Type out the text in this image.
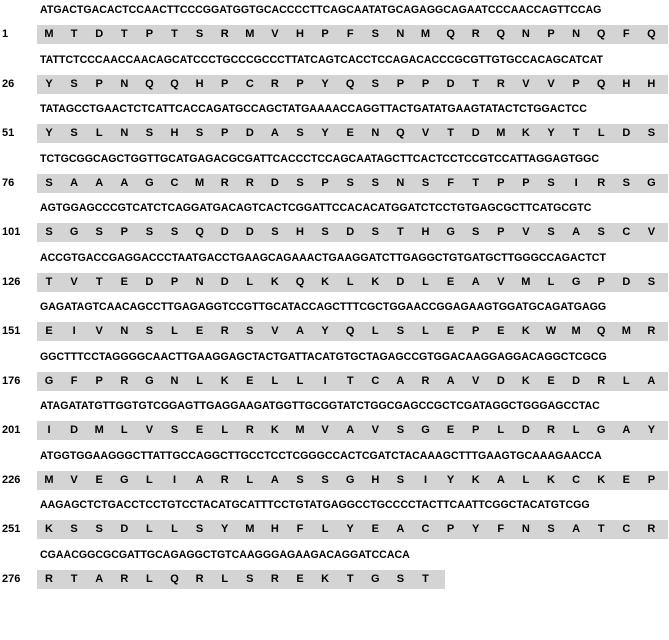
ATGACTGACACTCCAACTTCCCGGATGGTGCACCCCTTCAGCAATATGCAGAGGCAGAATCCCAACCAGTTCCAG
1	M T D T P T S R M V H P F S N M Q R Q N P N Q F Q
TATTCTCCCAACCAACAGCATCCCTGCCCGCCCTTATCAGTCACCTCCAGACACCCGCGTTGTGCCACAGCATCAT
26	Y S P N Q Q H P C R P Y Q S P P D T R V V P Q H H
TATAGCCTGAACTCTCATTCACCAGATGCCAGCTATGAAAACCAGGTTACTGATATGAAGTATACTCTGGACTCC
51	Y S L N S H S P D A S Y E N Q V T D M K Y T L D S
TCTGCGGCAGCTGGTTGCATGAGACGCGATTCACCCTCCAGCAATAGCTTCACTCCTCCGTCCATTAGGAGTGGC
76	S A A A G C M R R D S P S S N S F T P P S	I	R S G
AGTGGAGCCCGTCATCTCAGGATGACAGTCACTCGGATTCCACACATGGATCTCCTGTGAGCGCTTCATGCGTC
101 S G S P S S Q D D S H S D S T H G S P V S A S C V
ACCGTGACCGAGGACCCTAATGACCTGAAGCAGAAACTGAAGGATCTTGAGGCTGTGATGCTTGGGCCAGACTCT
126 T V T E D P N D L K Q K L K D L E A V M L G P D S
GAGATAGTCAACAGCCTTGAGAGGTCCGTTGCATACCAGCTTTCGCTGGAACCGGAGAAGTGGATGCAGATGAGG
151 E	I	V N S L E R S V A Y Q L S L E P E K W M Q M R
GGCTTTCCTAGGGGCAACTTGAAGGAGCTACTGATTACATGTGCTAGAGCCGTGGACAAGGAGGACAGGCTCGCG
176 G F P R G N L K E L L	I	T C A R A V D K E D R L A
ATAGATATGTTGGTGTCGGAGTTGAGGAAGATGGTTGCGGTATCTGGCGAGCCGCTCGATAGGCTGGGAGCCTAC
201	I	D M L V S E L R K M V A V S G E P L D R L G A Y
ATGGTGGAAGGGCTTATTGCCAGGCTTGCCTCCTCGGGCCACTCGATCTACAAAGCTTTGAAGTGCAAAGAACCA
226 M V E G L	I	A R L A S S G H S	I	Y K A L K C K E P
AAGAGCTCTGACCTCCTGTCCTACATGCATTTCCTGTATGAGGCCTGCCCCTACTTCAATTCGGCTACATGTCGG
251 K S S D L L S Y M H F L Y E A C P Y F N S A T C R
CGAACGGCGCGATTGCAGAGGCTGTCAAGGGAGAAGACAGGATCCACA
276 R T A R L Q R L S R E K T G S T
